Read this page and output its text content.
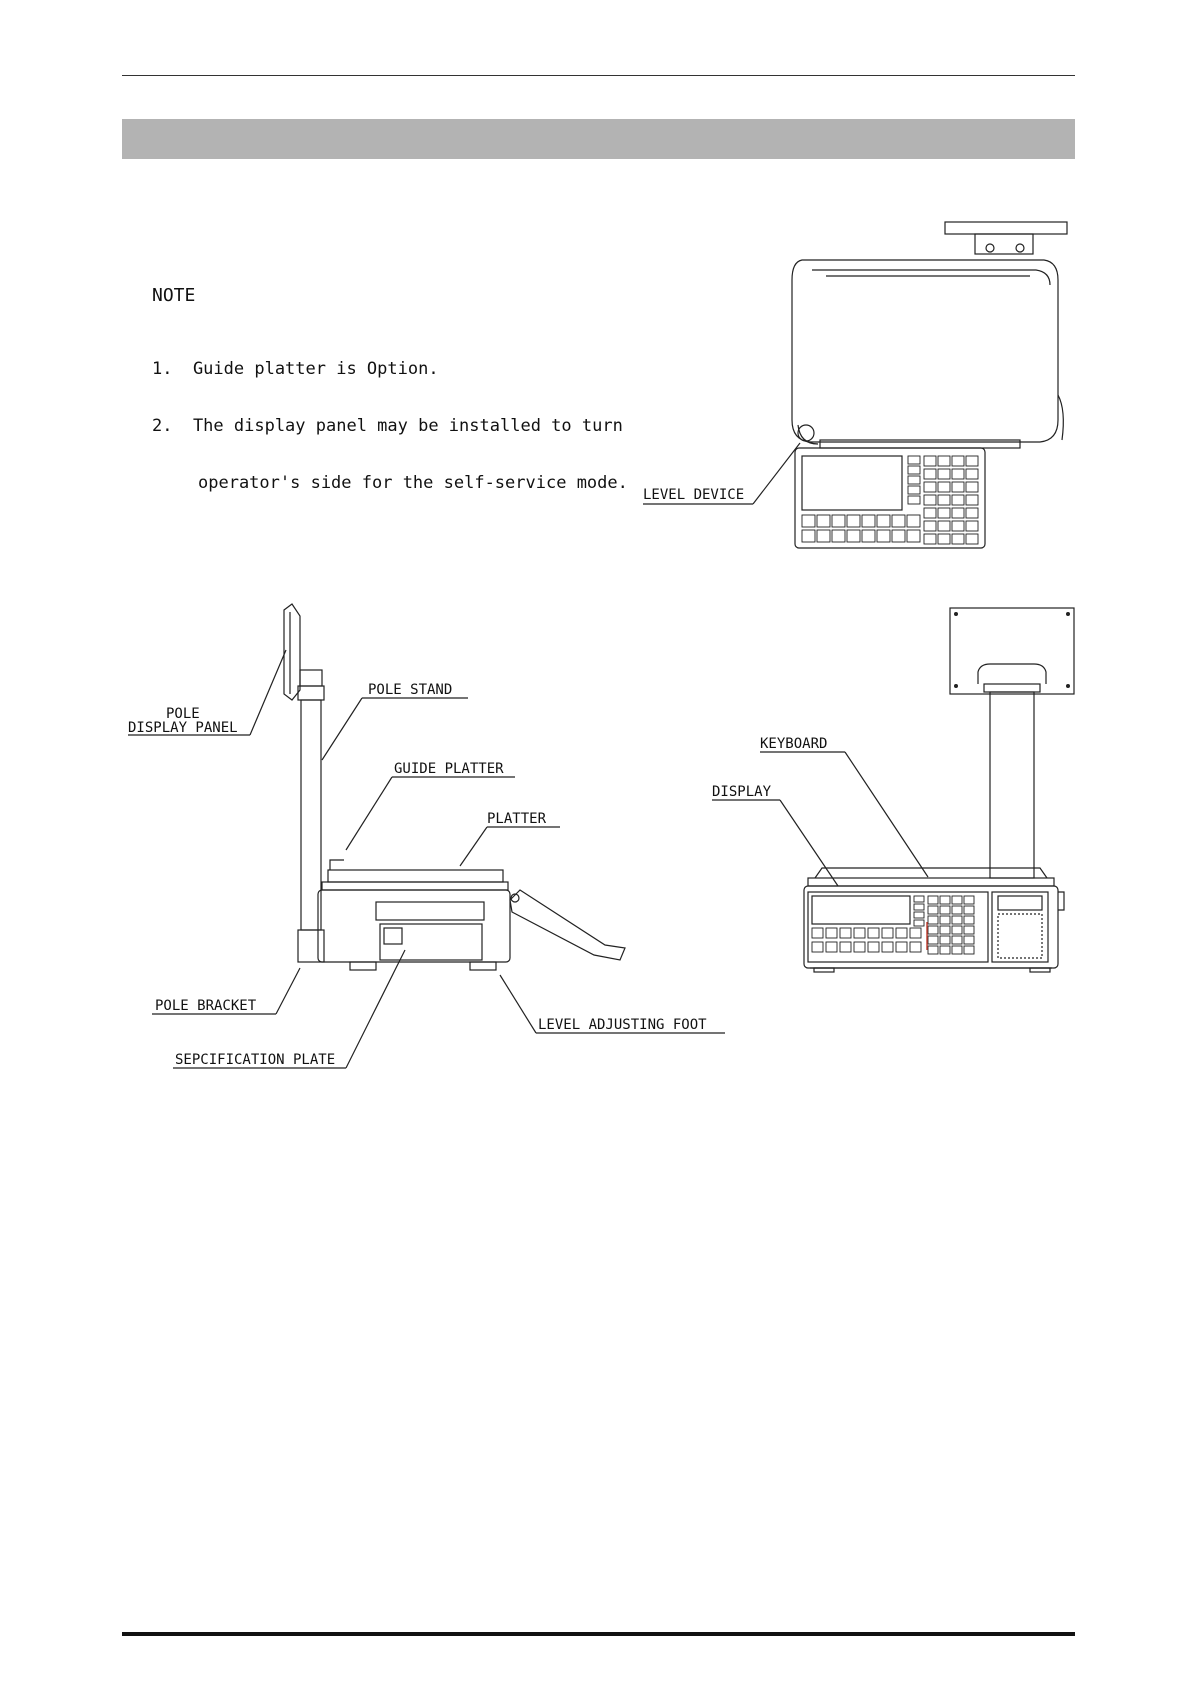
NOTE

1.  Guide platter is Option.

2.  The display panel may be installed to turn

operator's side for the self-service mode.

LEVEL DEVICE
POLE
DISPLAY PANEL
POLE STAND
GUIDE PLATTER
PLATTER
POLE BRACKET
SEPCIFICATION PLATE
LEVEL ADJUSTING FOOT
KEYBOARD
DISPLAY
